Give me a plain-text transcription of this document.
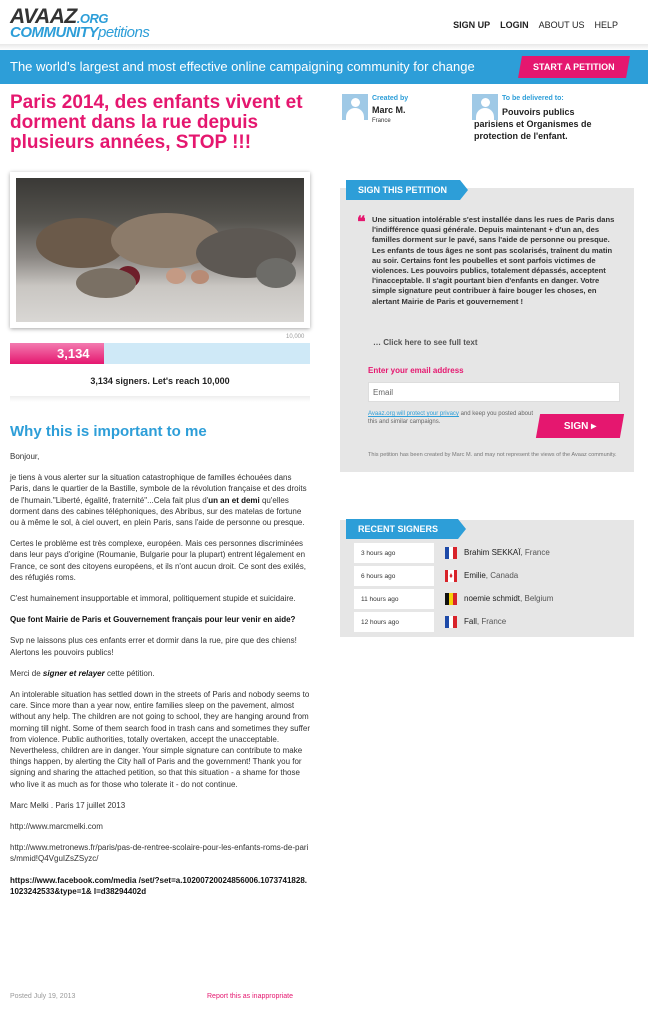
AVAAZ.ORG
COMMUNITYpetitions	SIGN UP LOGIN ABOUT US HELP
The world's largest and most effective online campaigning community for change	START A PETITION
Paris 2014, des enfants vivent et dorment dans la rue depuis plusieurs années, STOP !!!
10,000
3,134
3,134 signers. Let's reach 10,000
Why this is important to me

Bonjour,

je tiens à vous alerter sur la situation catastrophique de familles échouées dans Paris, dans le quartier de la Bastille, symbole de la révolution française et des droits de l'humain."Liberté, égalité, fraternité"...Cela fait plus d'un an et demi qu'elles dorment dans des cabines téléphoniques, des Abribus, sur des matelas de fortune ou à même le sol, à ciel ouvert, en plein Paris, sans l'aide de personne ou presque.

Certes le problème est très complexe, européen. Mais ces personnes discriminées dans leur pays d'origine (Roumanie, Bulgarie pour la plupart) entrent légalement en France, ce sont des citoyens européens, et ils n'ont aucun droit. Ce sont des exilés, des réfugiés roms.

C'est humainement insupportable et immoral, politiquement stupide et suicidaire.

Que font Mairie de Paris et Gouvernement français pour leur venir en aide?

Svp ne laissons plus ces enfants errer et dormir dans la rue, pire que des chiens! Alertons les pouvoirs publics!

Merci de signer et relayer cette pétition.

An intolerable situation has settled down in the streets of Paris and nobody seems to care. Since more than a year now, entire families sleep on the pavement, almost without any help. The children are not going to school, they are hanging around from morning till night. Some of them search food in trash cans and sometimes they suffer from violence. Public authorities, totally overtaken, accept the unacceptable. Nevertheless, children are in danger. Your simple signature can contribute to make things happen, by alerting the City hall of Paris and the government! Thank you for signing and sharing the attached petition, so that this situation - a shame for those who live it as much as for those who tolerate it - do not continue.

Marc Melki . Paris 17 juillet 2013

http://www.marcmelki.com

http://www.metronews.fr/paris/pas-de-rentree-scolaire-pour-les-enfants-roms-de-paris/mmid!Q4VguIZsZSyzc/

https://www.facebook.com/media /set/?set=a.10200720024856006.1073741828.1023242533&type=1& l=d38294402d

Posted July 19, 2013	Report this as inappropriate
Created by
Marc M.
France
To be delivered to:
Pouvoirs publics parisiens et Organismes de protection de l'enfant.
SIGN THIS PETITION
❝ Une situation intolérable s'est installée dans les rues de Paris dans l'indifférence quasi générale. Depuis maintenant + d'un an, des familles dorment sur le pavé, sans l'aide de personne ou presque. Les enfants de tous âges ne sont pas scolarisés, traînent du matin au soir. Certains font les poubelles et sont parfois victimes de violences. Les pouvoirs publics, totalement dépassés, acceptent l'inacceptable. Il s'agit pourtant bien d'enfants en danger. Votre simple signature peut contribuer à faire bouger les choses, en alertant Mairie de Paris et gouvernement !
… Click here to see full text
Enter your email address
Email
Avaaz.org will protect your privacy and keep you posted about this and similar campaigns.	SIGN ▸
This petition has been created by Marc M. and may not represent the views of the Avaaz community.
RECENT SIGNERS
3 hours ago	Brahim SEKKAÏ, France
6 hours ago	Emilie, Canada
11 hours ago	noemie schmidt, Belgium
12 hours ago	Fall, France
